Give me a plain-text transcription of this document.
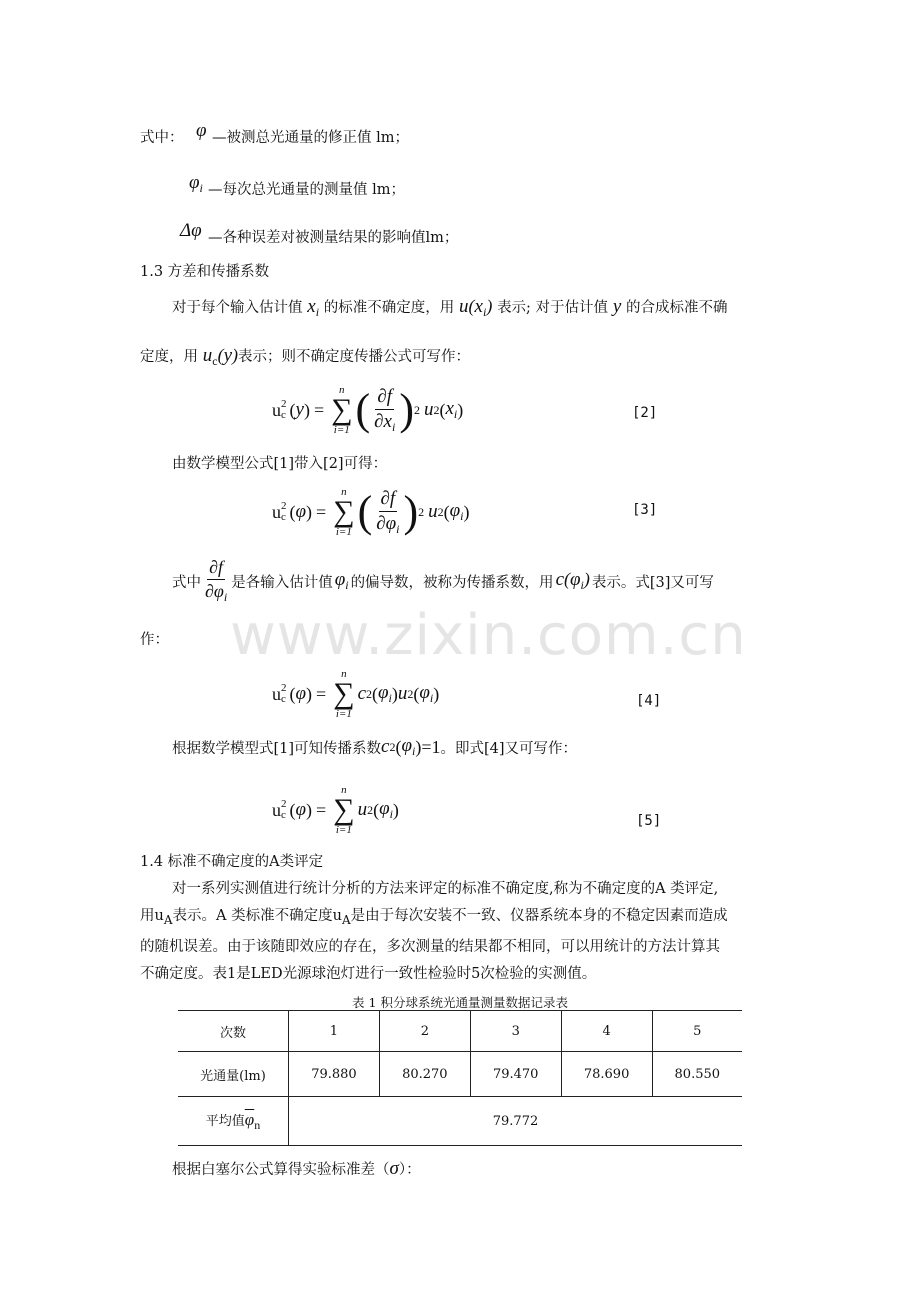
式中： φ —被测总光通量的修正值 lm；
$\varphi_i$ —每次总光通量的测量值 lm；
Δφ —各种误差对被测量结果的影响值lm；
1.3 方差和传播系数
对于每个输入估计值 $x_i$ 的标准不确定度，用 $u(x_i)$ 表示; 对于估计值 y 的合成标准不确
定度，用 $u_c(y)$表示；则不确定度传播公式可写作：
u 2
c ( y ) =
n
∑
i=1 ( $\frac{\partial f}{\partial x_i}$ ) 2 u 2 ( $x_i$ )	[2]
由数学模型公式[1]带入[2]可得：
u 2
c ( φ ) =
n
∑
i=1 ( $\frac{\partial f}{\partial\varphi_i}$ ) 2 u 2 ( $\varphi_i$ )	[3]
式中 $\frac{\partial f}{\partial\varphi_i}$ 是各输入估计值 $\varphi_i$ 的偏导数，被称为传播系数，用 $c(\varphi_i)$ 表示。式[3]又可写
作：
u 2
c ( φ ) =
n
∑
i=1
c 2 ( $\varphi_i$ ) u 2 ( $\varphi_i$ )	[4]
根据数学模型式[1]可知传播系数 c 2 ( $\varphi_i$ ) =1 。即式[4]又可写作：
u 2
c ( φ ) =
n
∑
i=1
u 2 ( $\varphi_i$ )
[5]
1.4 标准不确定度的A类评定
对一系列实测值进行统计分析的方法来评定的标准不确定度,称为不确定度的A 类评定,
用$u_A$表示。A 类标准不确定度$u_A$是由于每次安装不一致、仪器系统本身的不稳定因素而造成
的随机误差。由于该随即效应的存在，多次测量的结果都不相同，可以用统计的方法计算其
不确定度。表1是LED光源球泡灯进行一致性检验时5次检验的实测值。
表 1 积分球系统光通量测量数据记录表
次数	1	2	3	4	5
光通量(lm)	79.880	80.270	79.470	78.690	80.550
平均值$\overline{\varphi}_n$	79.772				
根据白塞尔公式算得实验标准差（σ）：
www.zixin.com.cn
